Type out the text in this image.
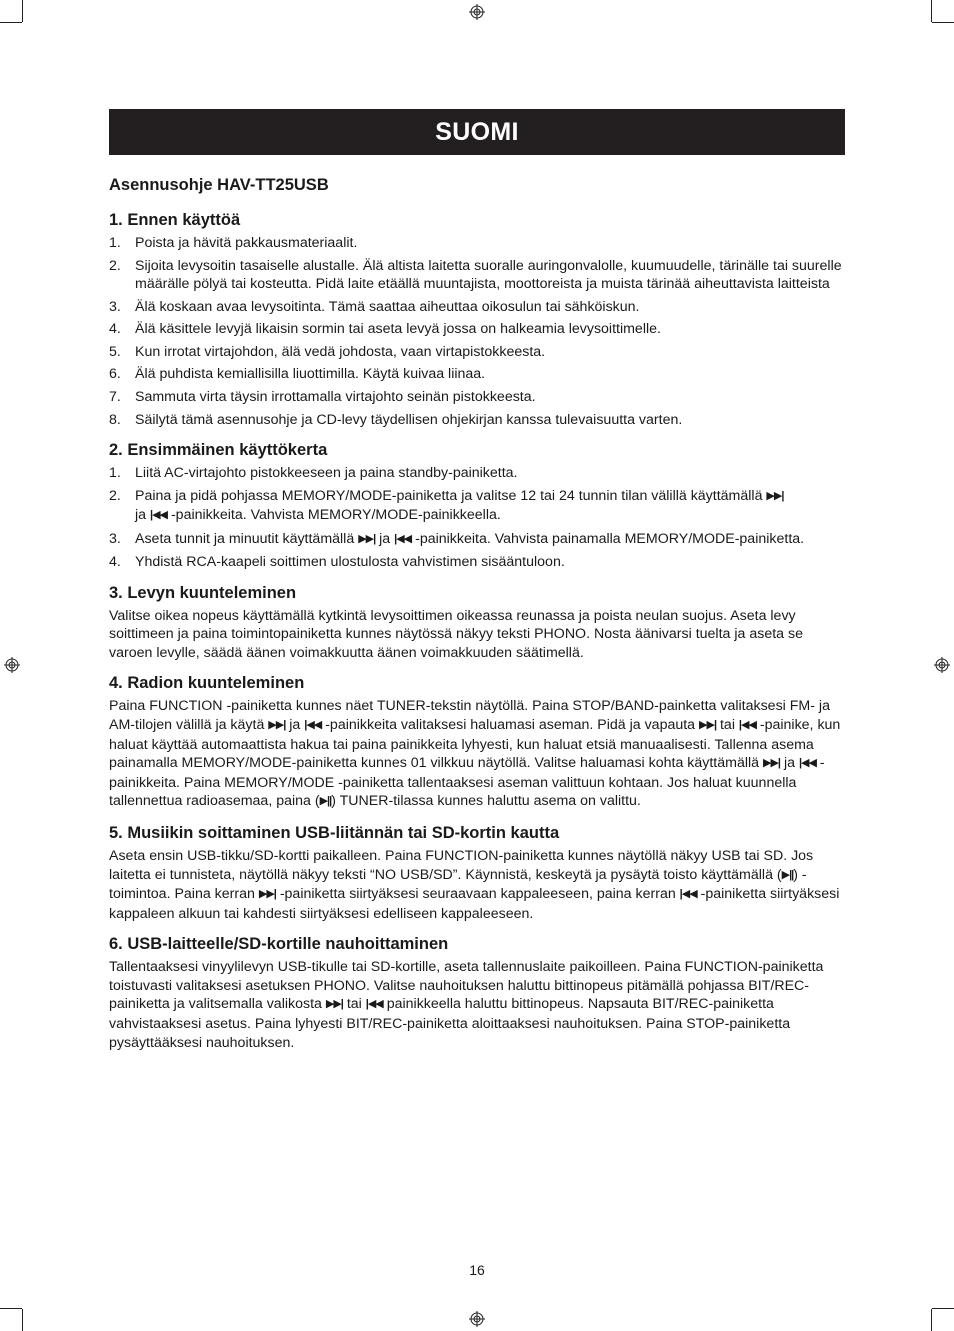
SUOMI
Asennusohje HAV-TT25USB
1. Ennen käyttöä
1. Poista ja hävitä pakkausmateriaalit.
2. Sijoita levysoitin tasaiselle alustalle. Älä altista laitetta suoralle auringonvalolle, kuumuudelle, tärinälle tai suurelle määrälle pölyä tai kosteutta. Pidä laite etäällä muuntajista, moottoreista ja muista tärinää aiheuttavista laitteista
3. Älä koskaan avaa levysoitinta. Tämä saattaa aiheuttaa oikosulun tai sähköiskun.
4. Älä käsittele levyjä likaisin sormin tai aseta levyä jossa on halkeamia levysoittimelle.
5. Kun irrotat virtajohdon, älä vedä johdosta, vaan virtapistokkeesta.
6. Älä puhdista kemiallisilla liuottimilla. Käytä kuivaa liinaa.
7. Sammuta virta täysin irrottamalla virtajohto seinän pistokkeesta.
8. Säilytä tämä asennusohje ja CD-levy täydellisen ohjekirjan kanssa tulevaisuutta varten.
2. Ensimmäinen käyttökerta
1. Liitä AC-virtajohto pistokkeeseen ja paina standby-painiketta.
2. Paina ja pidä pohjassa MEMORY/MODE-painiketta ja valitse 12 tai 24 tunnin tilan välillä käyttämällä ▶▶|
ja |◀◀ -painikkeita. Vahvista MEMORY/MODE-painikkeella.
3. Aseta tunnit ja minuutit käyttämällä ▶▶| ja |◀◀ -painikkeita. Vahvista painamalla MEMORY/MODE-painiketta.
4. Yhdistä RCA-kaapeli soittimen ulostulosta vahvistimen sisääntuloon.
3. Levyn kuunteleminen

Valitse oikea nopeus käyttämällä kytkintä levysoittimen oikeassa reunassa ja poista neulan suojus. Aseta levy soittimeen ja paina toimintopainiketta kunnes näytössä näkyy teksti PHONO. Nosta äänivarsi tuelta ja aseta se varoen levylle, säädä äänen voimakkuutta äänen voimakkuuden säätimellä.

4. Radion kuunteleminen

Paina FUNCTION -painiketta kunnes näet TUNER-tekstin näytöllä. Paina STOP/BAND-painketta valitaksesi FM- ja AM-tilojen välillä ja käytä ▶▶| ja |◀◀ -painikkeita valitaksesi haluamasi aseman. Pidä ja vapauta ▶▶| tai |◀◀ -painike, kun haluat käyttää automaattista hakua tai paina painikkeita lyhyesti, kun haluat etsiä manuaalisesti. Tallenna asema painamalla MEMORY/MODE-painiketta kunnes 01 vilkkuu näytöllä. Valitse haluamasi kohta käyttämällä ▶▶| ja |◀◀ -painikkeita. Paina MEMORY/MODE -painiketta tallentaaksesi aseman valittuun kohtaan. Jos haluat kuunnella tallennettua radioasemaa, paina (▶||) TUNER-tilassa kunnes haluttu asema on valittu.

5. Musiikin soittaminen USB-liitännän tai SD-kortin kautta

Aseta ensin USB-tikku/SD-kortti paikalleen. Paina FUNCTION-painiketta kunnes näytöllä näkyy USB tai SD. Jos laitetta ei tunnisteta, näytöllä näkyy teksti “NO USB/SD”. Käynnistä, keskeytä ja pysäytä toisto käyttämällä (▶||) -toimintoa. Paina kerran ▶▶| -painiketta siirtyäksesi seuraavaan kappaleeseen, paina kerran |◀◀ -painiketta siirtyäksesi kappaleen alkuun tai kahdesti siirtyäksesi edelliseen kappaleeseen.

6. USB-laitteelle/SD-kortille nauhoittaminen

Tallentaaksesi vinyylilevyn USB-tikulle tai SD-kortille, aseta tallennuslaite paikoilleen. Paina FUNCTION-painiketta toistuvasti valitaksesi asetuksen PHONO. Valitse nauhoituksen haluttu bittinopeus pitämällä pohjassa BIT/REC-painiketta ja valitsemalla valikosta ▶▶| tai |◀◀ painikkeella haluttu bittinopeus. Napsauta BIT/REC-painiketta vahvistaaksesi asetus. Paina lyhyesti BIT/REC-painiketta aloittaaksesi nauhoituksen. Paina STOP-painiketta pysäyttääksesi nauhoituksen.

16
